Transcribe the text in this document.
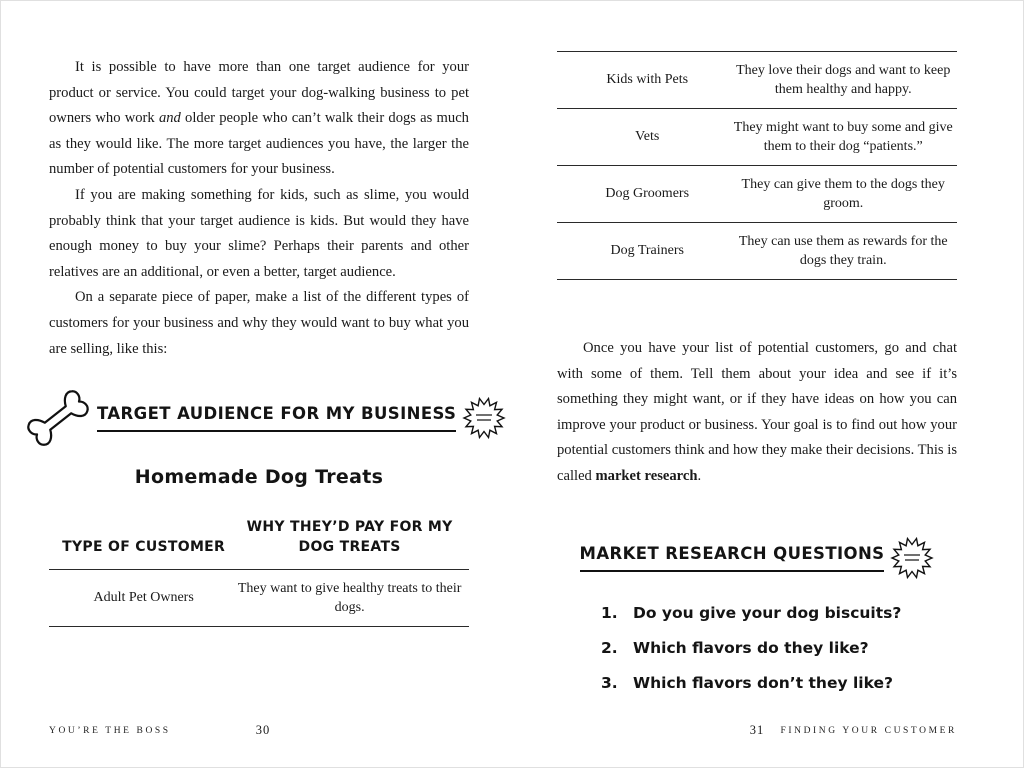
It is possible to have more than one target audience for your product or service. You could target your dog-walking business to pet owners who work and older people who can’t walk their dogs as much as they would like. The more target audiences you have, the larger the number of potential customers for your business.

If you are making something for kids, such as slime, you would probably think that your target audience is kids. But would they have enough money to buy your slime? Perhaps their parents and other relatives are an additional, or even a better, target audience.

On a separate piece of paper, make a list of the different types of customers for your business and why they would want to buy what you are selling, like this:

TARGET AUDIENCE FOR MY BUSINESS
Homemade Dog Treats
TYPE OF CUSTOMER
WHY THEY’D PAY FOR MY DOG TREATS
Adult Pet Owners
They want to give healthy treats to their dogs.
YOU’RE THE BOSS	30
Kids with Pets
They love their dogs and want to keep them healthy and happy.
Vets
They might want to buy some and give them to their dog “patients.”
Dog Groomers
They can give them to the dogs they groom.
Dog Trainers
They can use them as rewards for the dogs they train.

Once you have your list of potential customers, go and chat with some of them. Tell them about your idea and see if it’s something they might want, or if they have ideas on how you can improve your product or business. Your goal is to find out how your potential customers think and how they make their decisions. This is called market research.

MARKET RESEARCH QUESTIONS
1. Do you give your dog biscuits?
2. Which flavors do they like?
3. Which flavors don’t they like?
31	FINDING YOUR CUSTOMER
